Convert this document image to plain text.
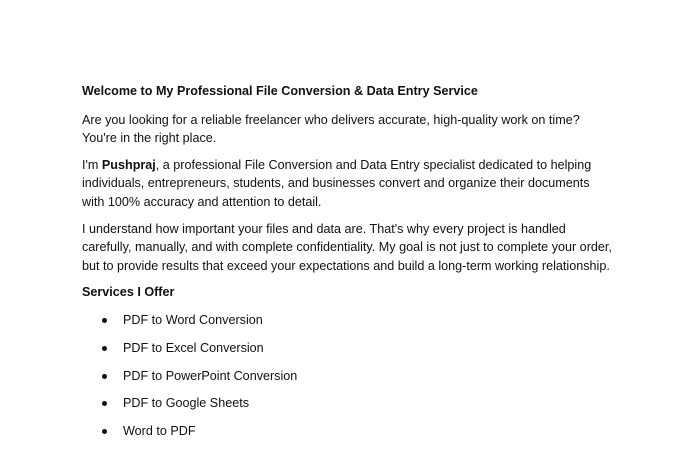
Welcome to My Professional File Conversion & Data Entry Service

Are you looking for a reliable freelancer who delivers accurate, high-quality work on time? You're in the right place.

I'm Pushpraj, a professional File Conversion and Data Entry specialist dedicated to helping individuals, entrepreneurs, students, and businesses convert and organize their documents with 100% accuracy and attention to detail.

I understand how important your files and data are. That's why every project is handled carefully, manually, and with complete confidentiality. My goal is not just to complete your order, but to provide results that exceed your expectations and build a long-term working relationship.

Services I Offer
PDF to Word Conversion
PDF to Excel Conversion
PDF to PowerPoint Conversion
PDF to Google Sheets
Word to PDF
